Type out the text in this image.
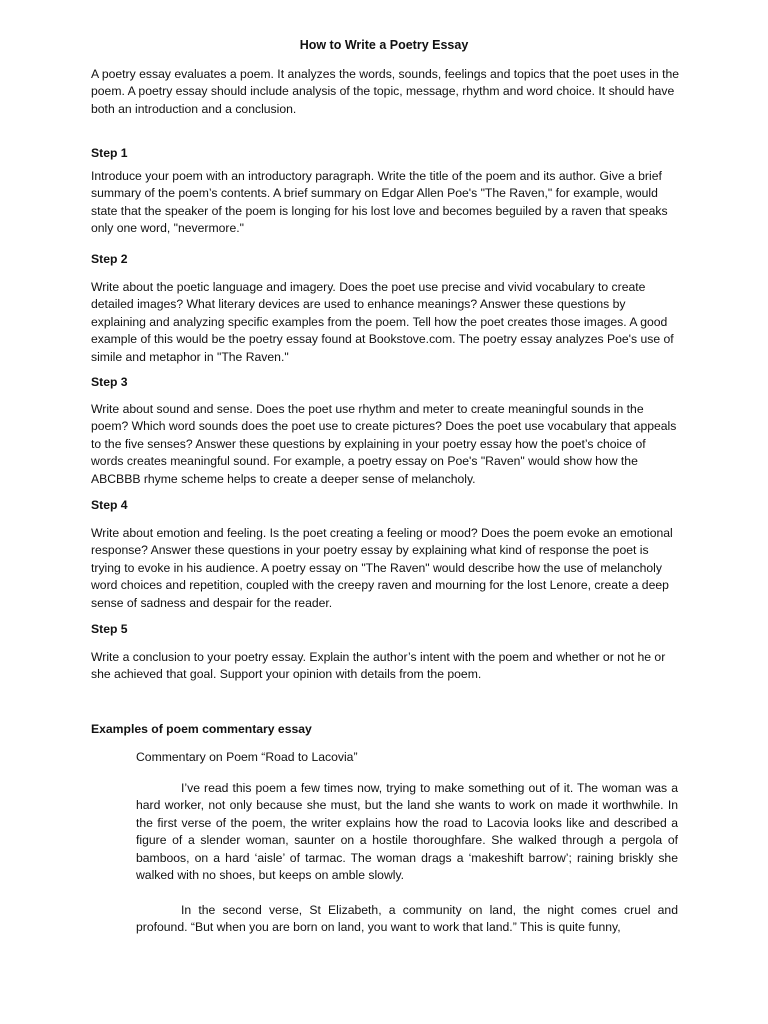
How to Write a Poetry Essay
A poetry essay evaluates a poem. It analyzes the words, sounds, feelings and topics that the poet uses in the poem. A poetry essay should include analysis of the topic, message, rhythm and word choice. It should have both an introduction and a conclusion.
Step 1
Introduce your poem with an introductory paragraph. Write the title of the poem and its author. Give a brief summary of the poem’s contents. A brief summary on Edgar Allen Poe's "The Raven," for example, would state that the speaker of the poem is longing for his lost love and becomes beguiled by a raven that speaks only one word, "nevermore."
Step 2
Write about the poetic language and imagery. Does the poet use precise and vivid vocabulary to create detailed images? What literary devices are used to enhance meanings? Answer these questions by explaining and analyzing specific examples from the poem. Tell how the poet creates those images. A good example of this would be the poetry essay found at Bookstove.com. The poetry essay analyzes Poe's use of simile and metaphor in "The Raven."
Step 3
Write about sound and sense. Does the poet use rhythm and meter to create meaningful sounds in the poem? Which word sounds does the poet use to create pictures? Does the poet use vocabulary that appeals to the five senses? Answer these questions by explaining in your poetry essay how the poet’s choice of words creates meaningful sound. For example, a poetry essay on Poe's "Raven" would show how the ABCBBB rhyme scheme helps to create a deeper sense of melancholy.
Step 4
Write about emotion and feeling. Is the poet creating a feeling or mood? Does the poem evoke an emotional response? Answer these questions in your poetry essay by explaining what kind of response the poet is trying to evoke in his audience. A poetry essay on "The Raven" would describe how the use of melancholy word choices and repetition, coupled with the creepy raven and mourning for the lost Lenore, create a deep sense of sadness and despair for the reader.
Step 5
Write a conclusion to your poetry essay. Explain the author’s intent with the poem and whether or not he or she achieved that goal. Support your opinion with details from the poem.
Examples of poem commentary essay
Commentary on Poem “Road to Lacovia”
I’ve read this poem a few times now, trying to make something out of it. The woman was a hard worker, not only because she must, but the land she wants to work on made it worthwhile. In the first verse of the poem, the writer explains how the road to Lacovia looks like and described a figure of a slender woman, saunter on a hostile thoroughfare. She walked through a pergola of bamboos, on a hard ‘aisle’ of tarmac. The woman drags a ‘makeshift barrow’; raining briskly she walked with no shoes, but keeps on amble slowly.
In the second verse, St Elizabeth, a community on land, the night comes cruel and profound. “But when you are born on land, you want to work that land.” This is quite funny,
